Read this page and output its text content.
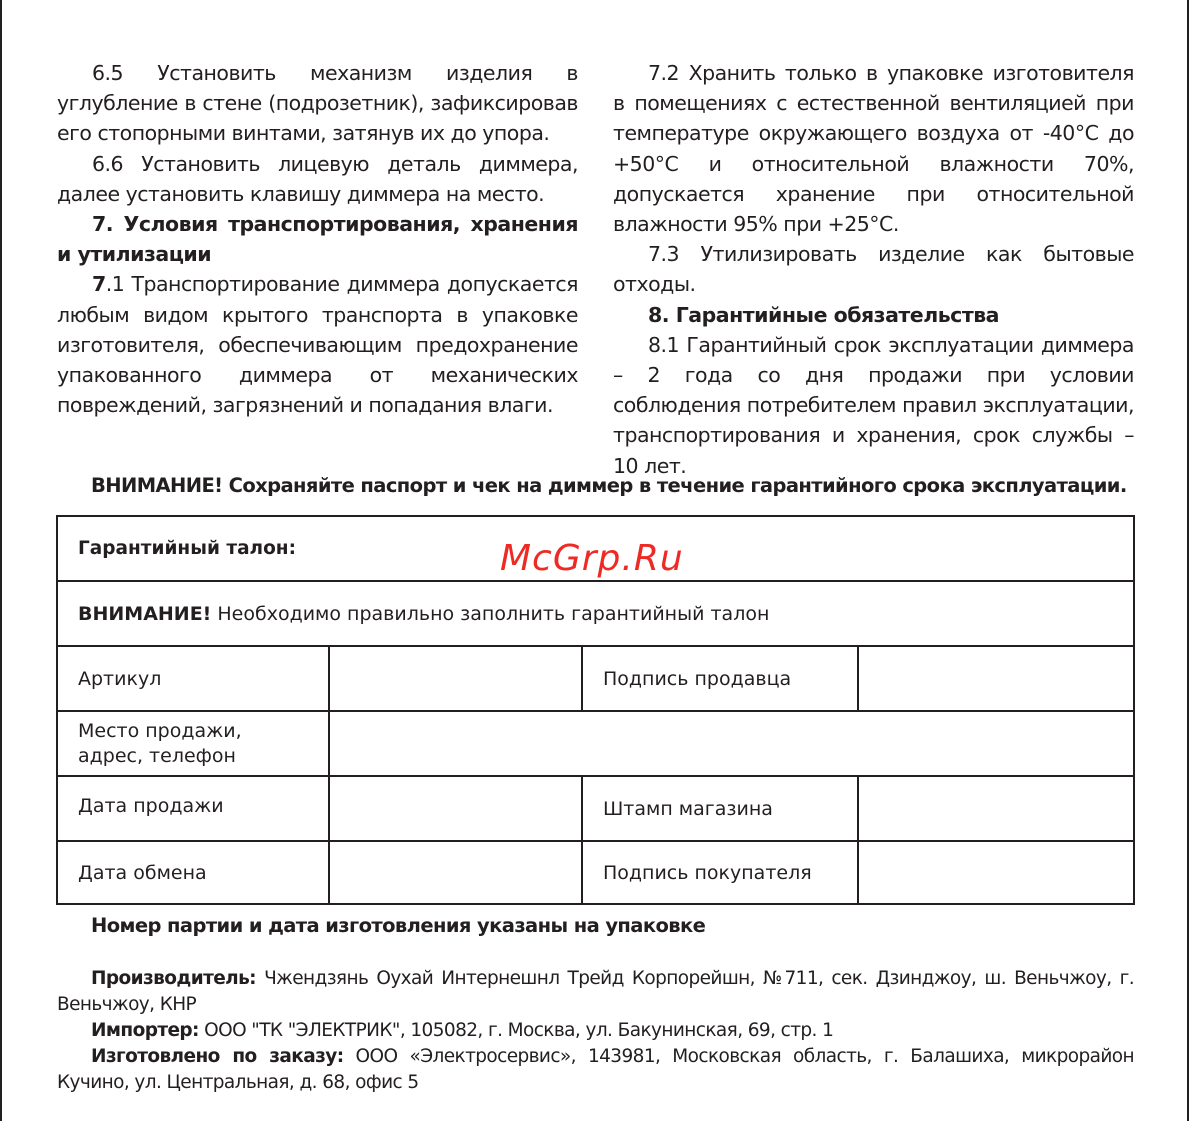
6.5 Установить механизм изделия в углубление в стене (подрозетник), зафиксировав его стопорными винтами, затянув их до упора.

6.6 Установить лицевую деталь диммера, далее установить клавишу диммера на место.

7. Условия транспортирования, хранения и утилизации

7.1 Транспортирование диммера допускается любым видом крытого транспорта в упаковке изготовителя, обеспечивающим предохранение упакованного диммера от механических повреждений, загрязнений и попадания влаги.

7.2 Хранить только в упаковке изготовителя в помещениях с естественной вентиляцией при температуре окружающего воздуха от -40°С до +50°С и относительной влажности 70%, допускается хранение при относительной влажности 95% при +25°С.

7.3 Утилизировать изделие как бытовые отходы.

8. Гарантийные обязательства

8.1 Гарантийный срок эксплуатации диммера – 2 года со дня продажи при условии соблюдения потребителем правил эксплуатации, транспортирования и хранения, срок службы – 10 лет.

ВНИМАНИЕ! Сохраняйте паспорт и чек на диммер в течение гарантийного срока эксплуатации.
Гарантийный талон:			
ВНИМАНИЕ! Необходимо правильно заполнить гарантийный талон			
Артикул		Подпись продавца	
Место продажи,
адрес, телефон			
Дата продажи		Штамп магазина	
Дата обмена		Подпись покупателя	
McGrp.Ru
Номер партии и дата изготовления указаны на упаковке

Производитель: Чжендзянь Оухай Интернешнл Трейд Корпорейшн, №711, сек. Дзинджоу, ш. Веньчжоу, г. Веньчжоу, КНР

Импортер: ООО "ТК "ЭЛЕКТРИК", 105082, г. Москва, ул. Бакунинская, 69, стр. 1

Изготовлено по заказу: ООО «Электросервис», 143981, Московская область, г. Балашиха, микрорайон Кучино, ул. Центральная, д. 68, офис 5
